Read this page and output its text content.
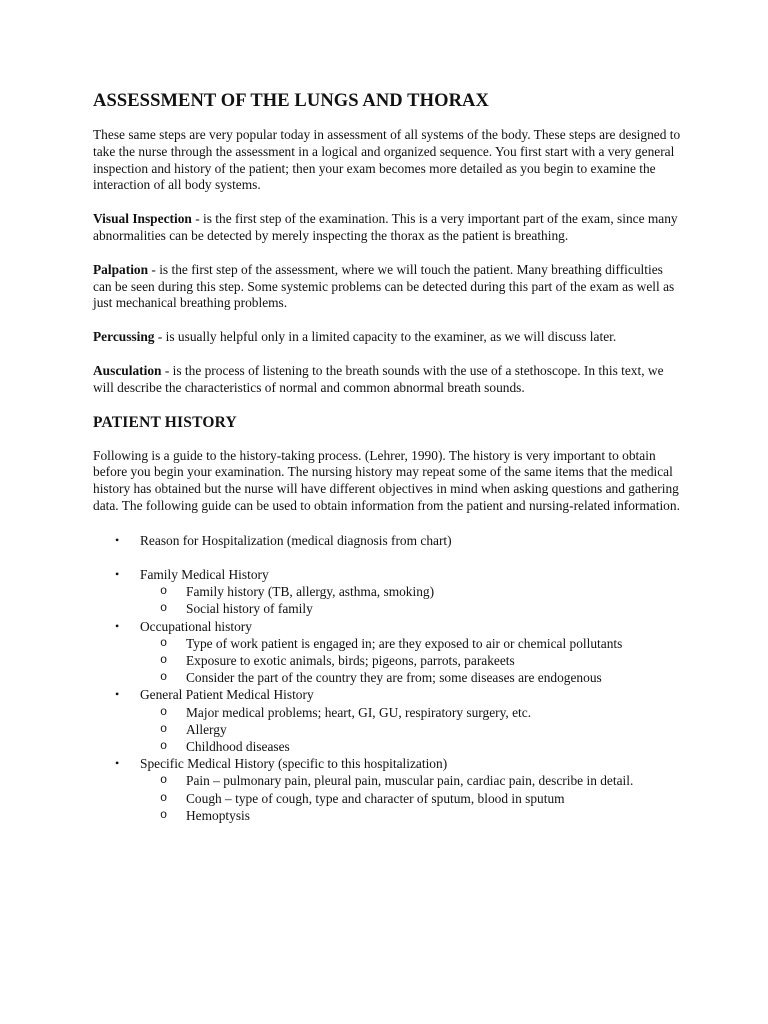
ASSESSMENT OF THE LUNGS AND THORAX

These same steps are very popular today in assessment of all systems of the body. These steps are designed to take the nurse through the assessment in a logical and organized sequence. You first start with a very general inspection and history of the patient; then your exam becomes more detailed as you begin to examine the interaction of all body systems.

Visual Inspection - is the first step of the examination. This is a very important part of the exam, since many abnormalities can be detected by merely inspecting the thorax as the patient is breathing.

Palpation - is the first step of the assessment, where we will touch the patient. Many breathing difficulties can be seen during this step. Some systemic problems can be detected during this part of the exam as well as just mechanical breathing problems.

Percussing - is usually helpful only in a limited capacity to the examiner, as we will discuss later.

Ausculation - is the process of listening to the breath sounds with the use of a stethoscope. In this text, we will describe the characteristics of normal and common abnormal breath sounds.

PATIENT HISTORY

Following is a guide to the history-taking process. (Lehrer, 1990). The history is very important to obtain before you begin your examination. The nursing history may repeat some of the same items that the medical history has obtained but the nurse will have different objectives in mind when asking questions and gathering data. The following guide can be used to obtain information from the patient and nursing-related information.

• Reason for Hospitalization (medical diagnosis from chart)
• Family Medical History
o Family history (TB, allergy, asthma, smoking)
o Social history of family
• Occupational history
o Type of work patient is engaged in; are they exposed to air or chemical pollutants
o Exposure to exotic animals, birds; pigeons, parrots, parakeets
o Consider the part of the country they are from; some diseases are endogenous
• General Patient Medical History
o Major medical problems; heart, GI, GU, respiratory surgery, etc.
o Allergy
o Childhood diseases
• Specific Medical History (specific to this hospitalization)
o Pain – pulmonary pain, pleural pain, muscular pain, cardiac pain, describe in detail.
o Cough – type of cough, type and character of sputum, blood in sputum
o Hemoptysis
